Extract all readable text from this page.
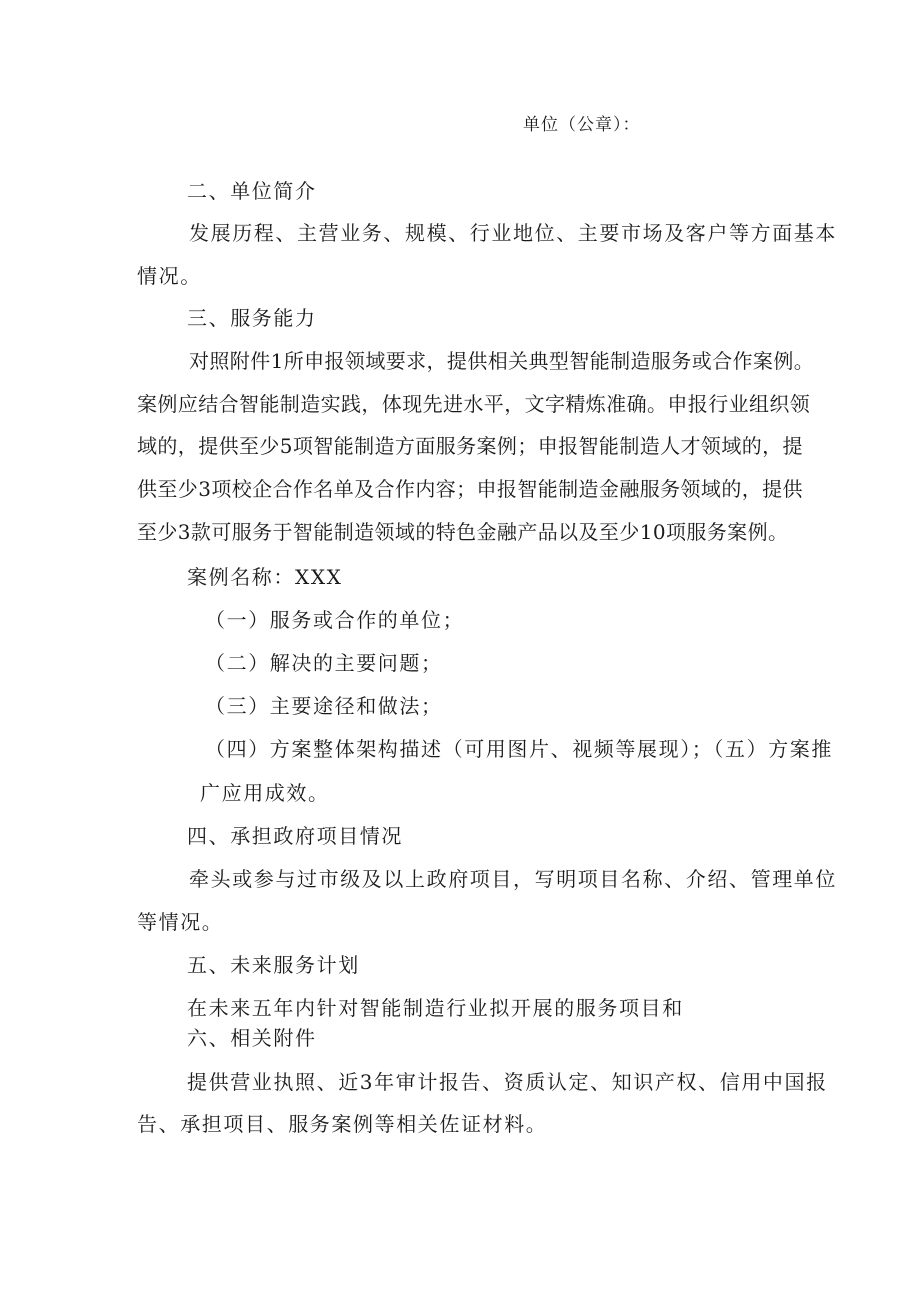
单位（公章）：
二、单位简介
发展历程、主营业务、规模、行业地位、主要市场及客户等方面基本
情况。
三、服务能力
对照附件1所申报领域要求，提供相关典型智能制造服务或合作案例。
案例应结合智能制造实践，体现先进水平，文字精炼准确。申报行业组织领
域的，提供至少5项智能制造方面服务案例；申报智能制造人才领域的，提
供至少3项校企合作名单及合作内容；申报智能制造金融服务领域的，提供
至少3款可服务于智能制造领域的特色金融产品以及至少10项服务案例。
案例名称：XXX
（一）服务或合作的单位；
（二）解决的主要问题；
（三）主要途径和做法；
（四）方案整体架构描述（可用图片、视频等展现）；（五）方案推
广应用成效。
四、承担政府项目情况
牵头或参与过市级及以上政府项目，写明项目名称、介绍、管理单位
等情况。
五、未来服务计划
在未来五年内针对智能制造行业拟开展的服务项目和
六、相关附件
提供营业执照、近3年审计报告、资质认定、知识产权、信用中国报
告、承担项目、服务案例等相关佐证材料。
